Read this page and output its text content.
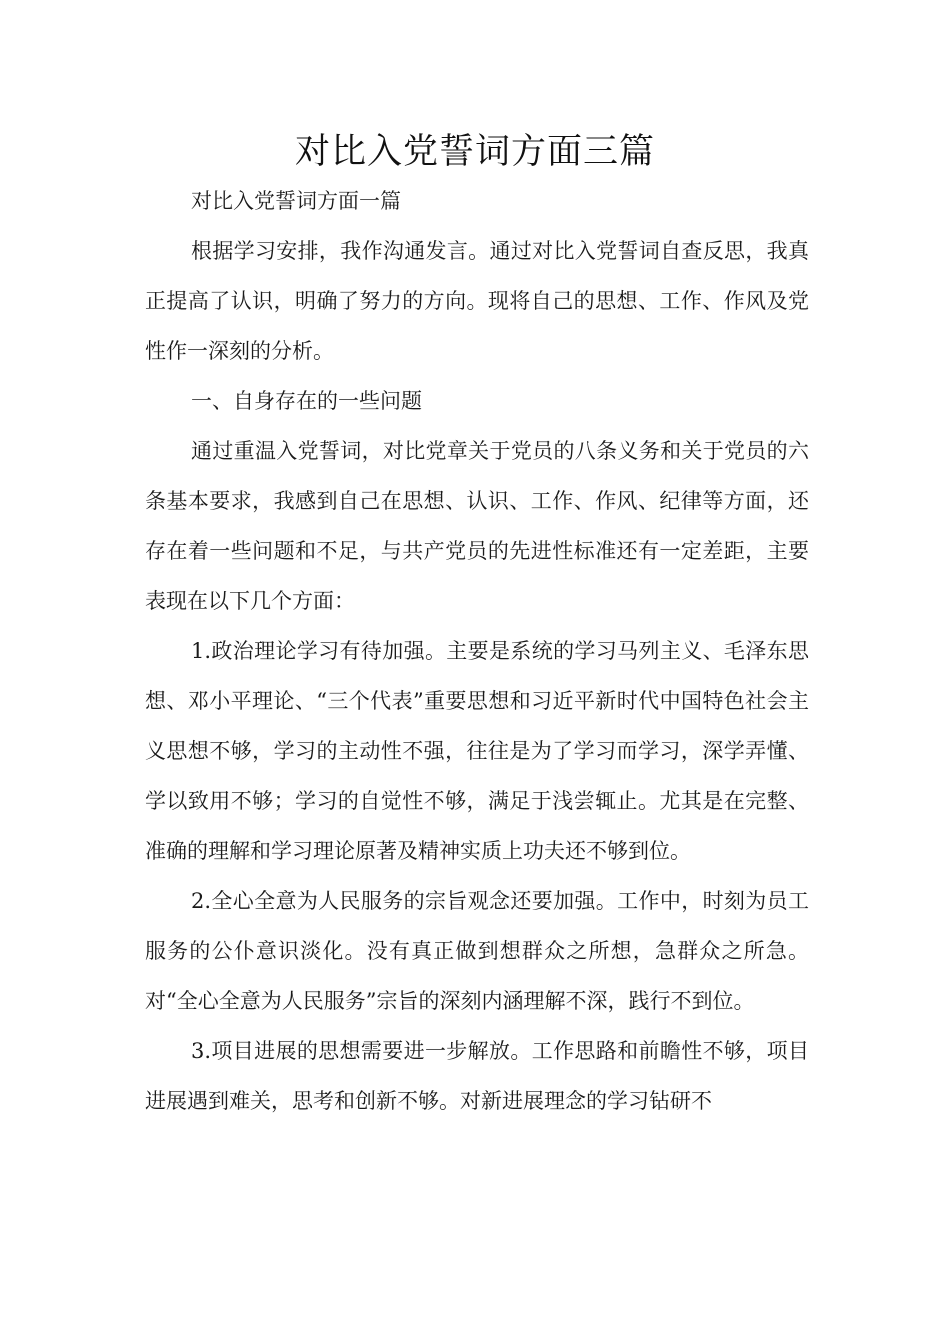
对比入党誓词方面三篇

对比入党誓词方面一篇

根据学习安排，我作沟通发言。通过对比入党誓词自查反思，我真正提高了认识，明确了努力的方向。现将自己的思想、工作、作风及党性作一深刻的分析。

一、自身存在的一些问题

通过重温入党誓词，对比党章关于党员的八条义务和关于党员的六条基本要求，我感到自己在思想、认识、工作、作风、纪律等方面，还存在着一些问题和不足，与共产党员的先进性标准还有一定差距，主要表现在以下几个方面：

1.政治理论学习有待加强。主要是系统的学习马列主义、毛泽东思想、邓小平理论、“三个代表”重要思想和习近平新时代中国特色社会主义思想不够，学习的主动性不强，往往是为了学习而学习，深学弄懂、学以致用不够；学习的自觉性不够，满足于浅尝辄止。尤其是在完整、准确的理解和学习理论原著及精神实质上功夫还不够到位。

2.全心全意为人民服务的宗旨观念还要加强。工作中，时刻为员工服务的公仆意识淡化。没有真正做到想群众之所想，急群众之所急。对“全心全意为人民服务”宗旨的深刻内涵理解不深，践行不到位。

3.项目进展的思想需要进一步解放。工作思路和前瞻性不够，项目进展遇到难关，思考和创新不够。对新进展理念的学习钻研不
